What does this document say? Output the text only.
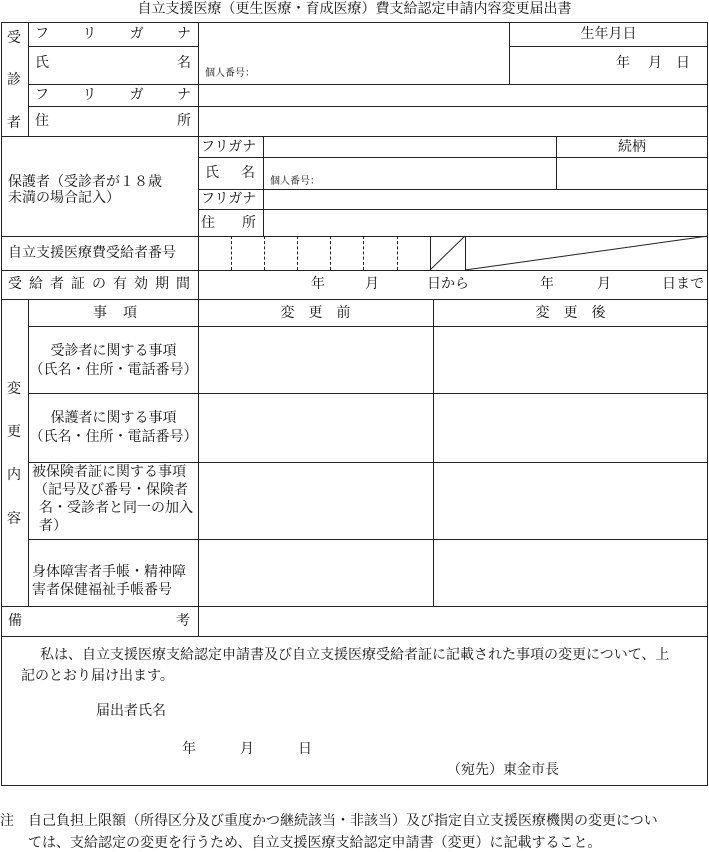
自立支援医療（更生医療・育成医療）費支給認定申請内容変更届出書
受
診
者
フ リ ガ ナ
氏	名
フ リ ガ ナ
住	所
個人番号：
生年月日
年 月 日
保護者（受診者が１８歳
未満の場合記入）
フリガナ
氏 名
フリガナ
住 所
続柄
個人番号：
自立支援医療費受給者番号
受 給 者 証 の 有 効 期 間	年	月	日から	年	月	日まで
変
更
内
容
事 項	変　更　前	変　更　後
受診者に関する事項
（氏名・住所・電話番号）
保護者に関する事項
（氏名・住所・電話番号）
被保険者証に関する事項
（記号及び番号・保険者
名・受診者と同一の加入
者）
身体障害者手帳・精神障
害者保健福祉手帳番号
備	考
私は、自立支援医療支給認定申請書及び自立支援医療受給者証に記載された事項の変更について、上
記のとおり届け出ます。
届出者氏名
年	月	日
（宛先）東金市長
注　自己負担上限額（所得区分及び重度かつ継続該当・非該当）及び指定自立支援医療機関の変更につい
　　ては、支給認定の変更を行うため、自立支援医療支給認定申請書（変更）に記載すること。
